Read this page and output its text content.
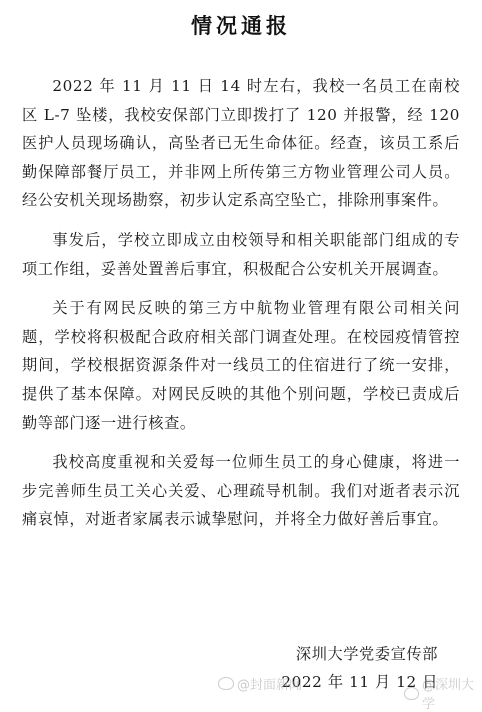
情况通报

2022 年 11 月 11 日 14 时左右，我校一名员工在南校区 L-7 坠楼，我校安保部门立即拨打了 120 并报警，经 120 医护人员现场确认，高坠者已无生命体征。经查，该员工系后勤保障部餐厅员工，并非网上所传第三方物业管理公司人员。经公安机关现场勘察，初步认定系高空坠亡，排除刑事案件。

事发后，学校立即成立由校领导和相关职能部门组成的专项工作组，妥善处置善后事宜，积极配合公安机关开展调查。

关于有网民反映的第三方中航物业管理有限公司相关问题，学校将积极配合政府相关部门调查处理。在校园疫情管控期间，学校根据资源条件对一线员工的住宿进行了统一安排，提供了基本保障。对网民反映的其他个别问题，学校已责成后勤等部门逐一进行核查。

我校高度重视和关爱每一位师生员工的身心健康，将进一步完善师生员工关心关爱、心理疏导机制。我们对逝者表示沉痛哀悼，对逝者家属表示诚挚慰问，并将全力做好善后事宜。

深圳大学党委宣传部
2022 年 11 月 12 日
@封面新闻	@深圳大学
